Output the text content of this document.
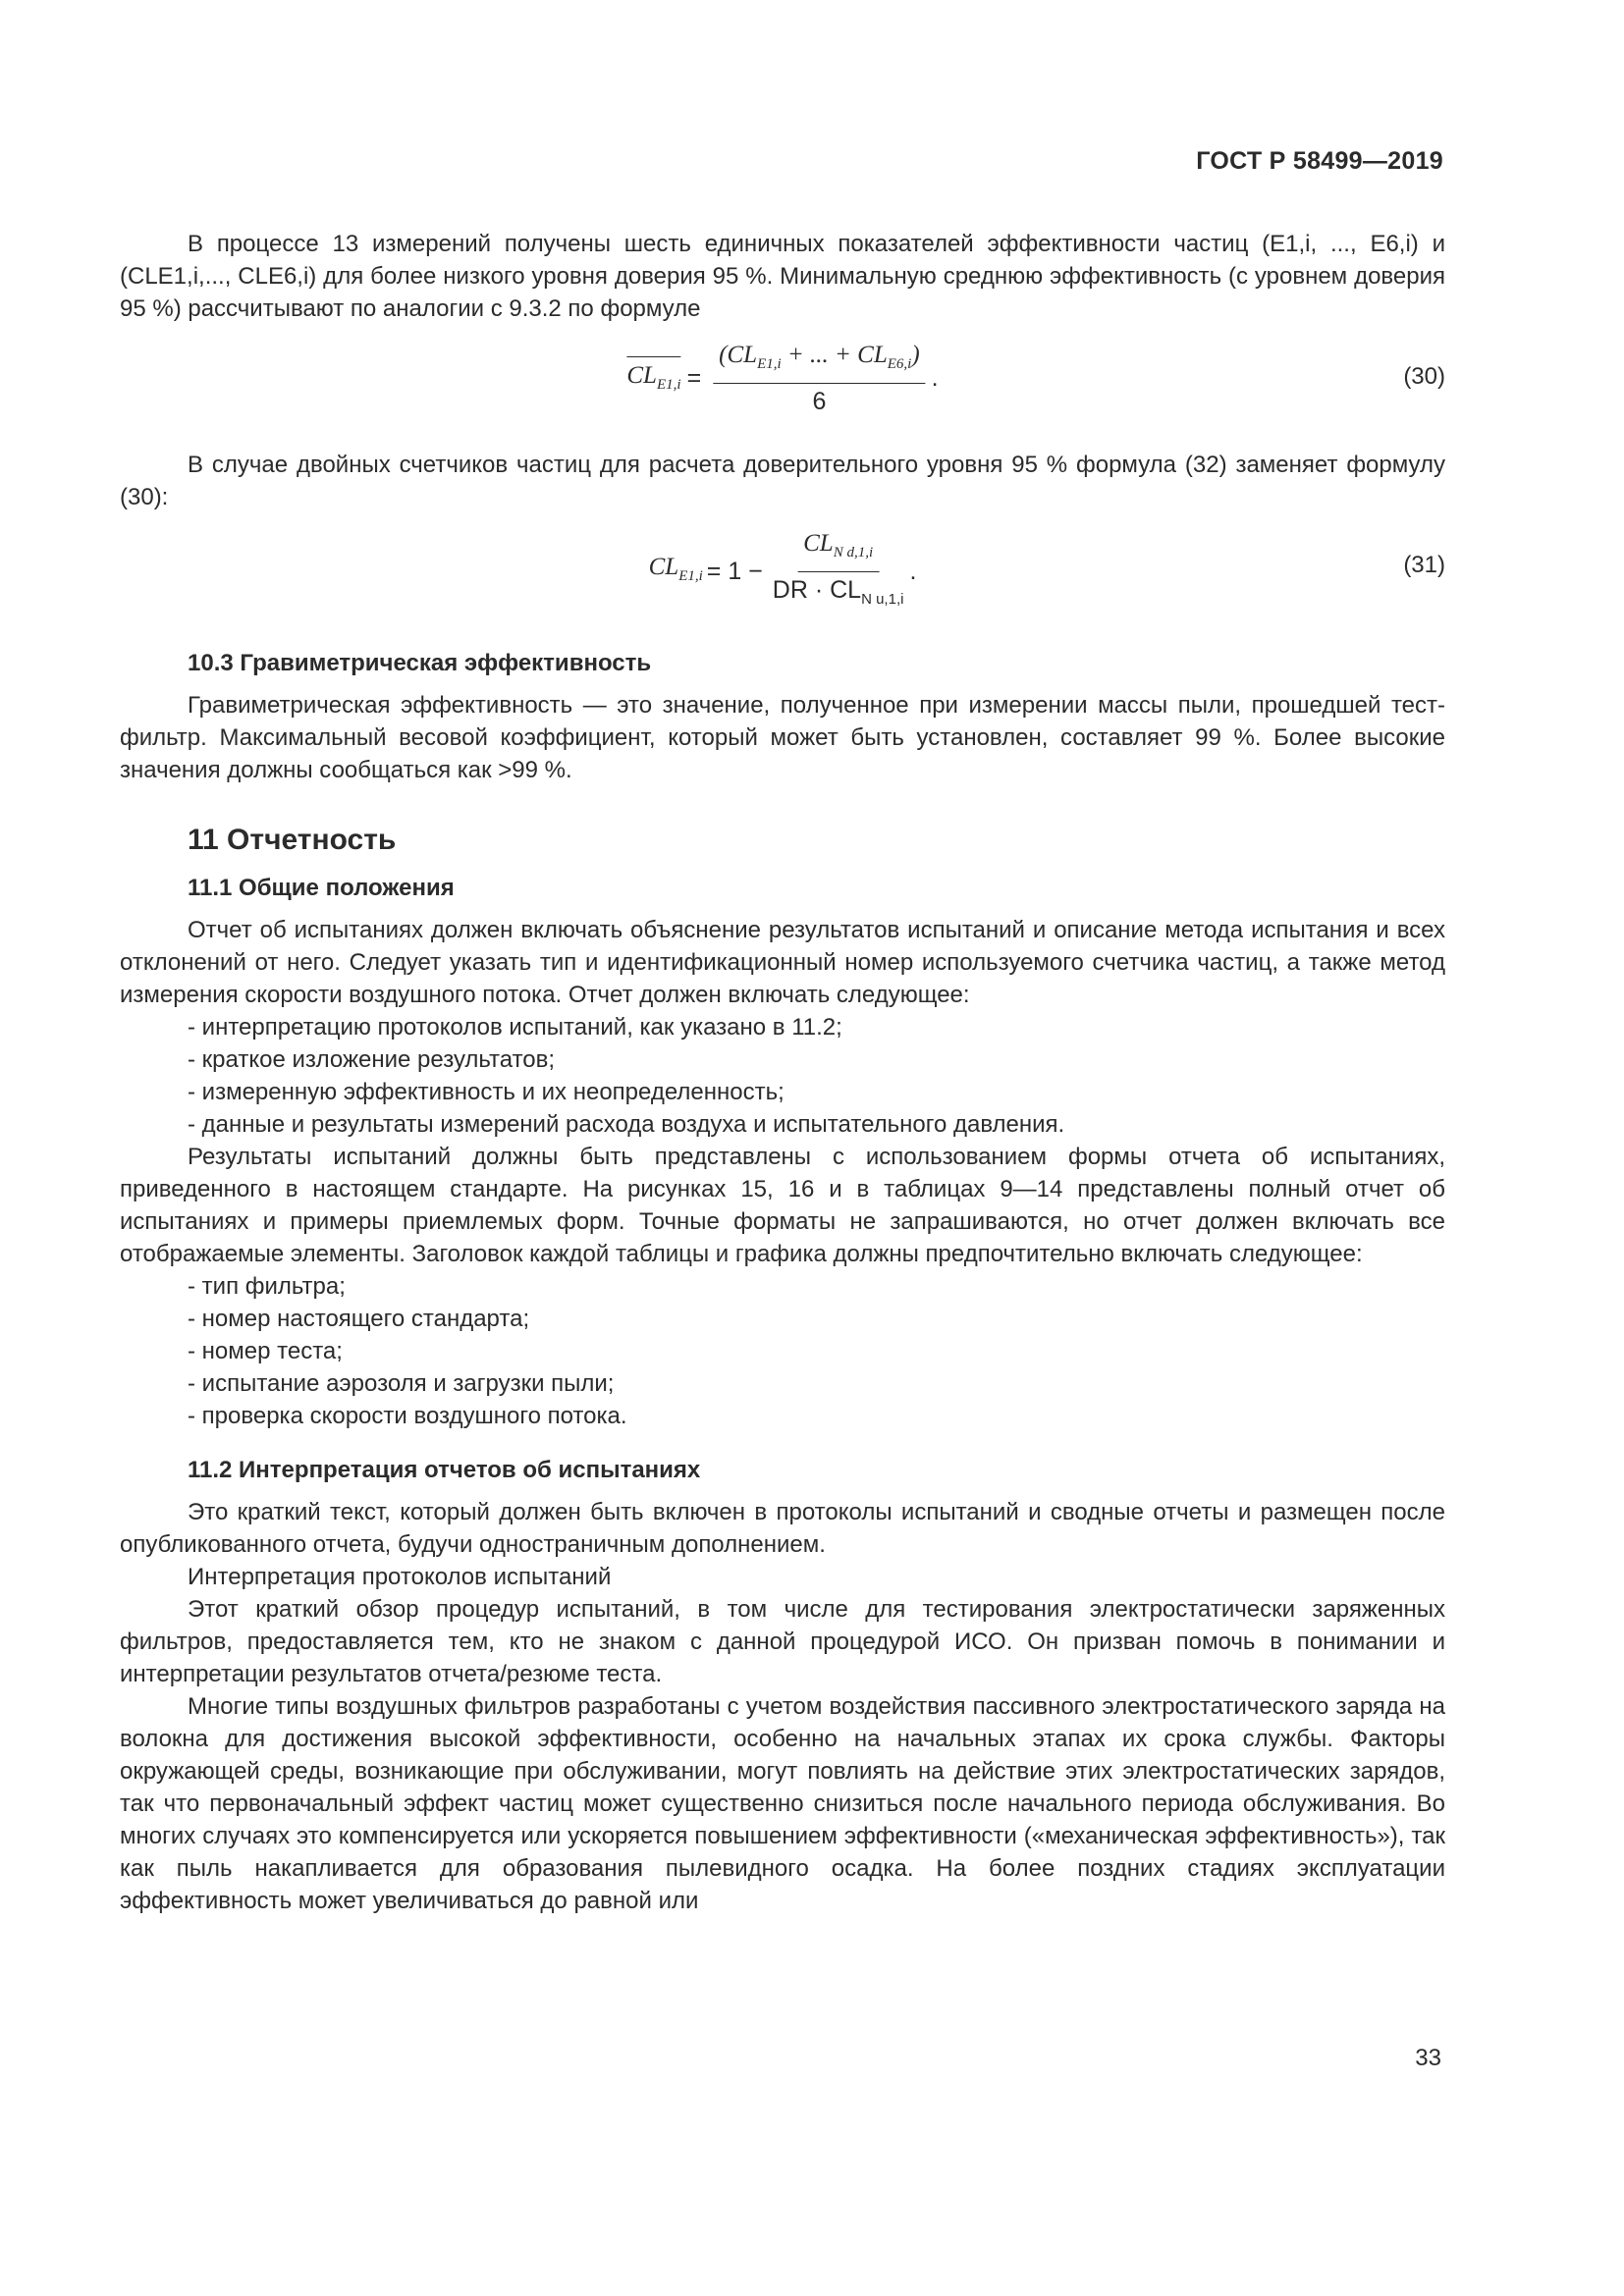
ГОСТ Р 58499—2019

В процессе 13 измерений получены шесть единичных показателей эффективности частиц (E1,i, ..., E6,i) и (CLE1,i,..., CLE6,i) для более низкого уровня доверия 95 %. Минимальную среднюю эффективность (с уровнем доверия 95 %) рассчитывают по аналогии с 9.3.2 по формуле

$CL_{E1,i} = \frac{(CL_{E1,i} + ... + CL_{E6,i})}{6}$ .	(30)

В случае двойных счетчиков частиц для расчета доверительного уровня 95 % формула (32) заменяет формулу (30):

$CL_{E1,i} = 1 - \frac{CL_{N d,1,i}}{DR \cdot CL_{N u,1,i}}$ .	(31)
10.3 Гравиметрическая эффективность

Гравиметрическая эффективность — это значение, полученное при измерении массы пыли, прошедшей тест-фильтр. Максимальный весовой коэффициент, который может быть установлен, составляет 99 %. Более высокие значения должны сообщаться как >99 %.

11 Отчетность
11.1 Общие положения

Отчет об испытаниях должен включать объяснение результатов испытаний и описание метода испытания и всех отклонений от него. Следует указать тип и идентификационный номер используемого счетчика частиц, а также метод измерения скорости воздушного потока. Отчет должен включать следующее:

- интерпретацию протоколов испытаний, как указано в 11.2;
- краткое изложение результатов;
- измеренную эффективность и их неопределенность;
- данные и результаты измерений расхода воздуха и испытательного давления.

Результаты испытаний должны быть представлены с использованием формы отчета об испытаниях, приведенного в настоящем стандарте. На рисунках 15, 16 и в таблицах 9—14 представлены полный отчет об испытаниях и примеры приемлемых форм. Точные форматы не запрашиваются, но отчет должен включать все отображаемые элементы. Заголовок каждой таблицы и графика должны предпочтительно включать следующее:

- тип фильтра;
- номер настоящего стандарта;
- номер теста;
- испытание аэрозоля и загрузки пыли;
- проверка скорости воздушного потока.
11.2 Интерпретация отчетов об испытаниях

Это краткий текст, который должен быть включен в протоколы испытаний и сводные отчеты и размещен после опубликованного отчета, будучи одностраничным дополнением.

Интерпретация протоколов испытаний

Этот краткий обзор процедур испытаний, в том числе для тестирования электростатически заряженных фильтров, предоставляется тем, кто не знаком с данной процедурой ИСО. Он призван помочь в понимании и интерпретации результатов отчета/резюме теста.

Многие типы воздушных фильтров разработаны с учетом воздействия пассивного электростатического заряда на волокна для достижения высокой эффективности, особенно на начальных этапах их срока службы. Факторы окружающей среды, возникающие при обслуживании, могут повлиять на действие этих электростатических зарядов, так что первоначальный эффект частиц может существенно снизиться после начального периода обслуживания. Во многих случаях это компенсируется или ускоряется повышением эффективности («механическая эффективность»), так как пыль накапливается для образования пылевидного осадка. На более поздних стадиях эксплуатации эффективность может увеличиваться до равной или

33
